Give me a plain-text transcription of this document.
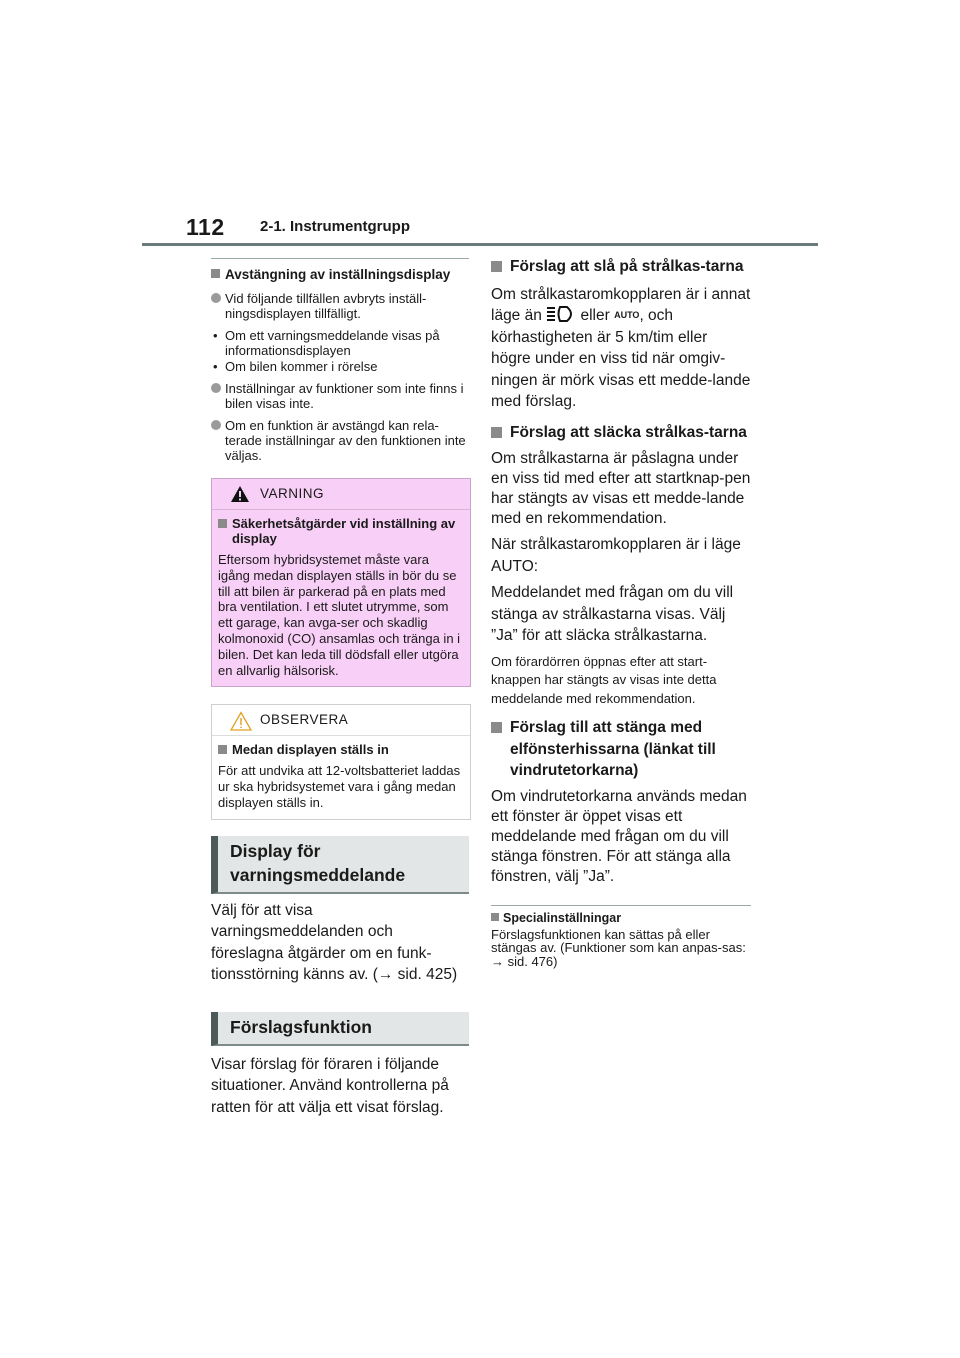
112 2-1. Instrumentgrupp
Avstängning av inställningsdisplay
Vid följande tillfällen avbryts inställ-ningsdisplayen tillfälligt.
• Om ett varningsmeddelande visas på informationsdisplayen
• Om bilen kommer i rörelse
Inställningar av funktioner som inte finns i bilen visas inte.
Om en funktion är avstängd kan rela-terade inställningar av den funktionen inte väljas.
VARNING
Säkerhetsåtgärder vid inställning av display
Eftersom hybridsystemet måste vara igång medan displayen ställs in bör du se till att bilen är parkerad på en plats med bra ventilation. I ett slutet utrymme, som ett garage, kan avga-ser och skadlig kolmonoxid (CO) ansamlas och tränga in i bilen. Det kan leda till dödsfall eller utgöra en allvarlig hälsorisk.
OBSERVERA
Medan displayen ställs in
För att undvika att 12-voltsbatteriet laddas ur ska hybridsystemet vara i gång medan displayen ställs in.
Display för varningsmeddelande
Välj för att visa varningsmeddelanden och föreslagna åtgärder om en funk-tionsstörning känns av. (→ sid. 425)
Förslagsfunktion
Visar förslag för föraren i följande situationer. Använd kontrollerna på ratten för att välja ett visat förslag.
Förslag att slå på strålkas-tarna
Om strålkastaromkopplaren är i annat läge än eller AUTO, och körhastigheten är 5 km/tim eller högre under en viss tid när omgiv-ningen är mörk visas ett medde-lande med förslag.
Förslag att släcka strålkas-tarna
Om strålkastarna är påslagna under en viss tid med efter att startknap-pen har stängts av visas ett medde-lande med en rekommendation.
När strålkastaromkopplaren är i läge AUTO:
Meddelandet med frågan om du vill stänga av strålkastarna visas. Välj ”Ja” för att släcka strålkastarna.
Om förardörren öppnas efter att start-knappen har stängts av visas inte detta meddelande med rekommendation.
Förslag till att stänga med elfönsterhissarna (länkat till vindrutetorkarna)
Om vindrutetorkarna används medan ett fönster är öppet visas ett meddelande med frågan om du vill stänga fönstren. För att stänga alla fönstren, välj ”Ja”.
Specialinställningar
Förslagsfunktionen kan sättas på eller stängas av. (Funktioner som kan anpas-sas: → sid. 476)
